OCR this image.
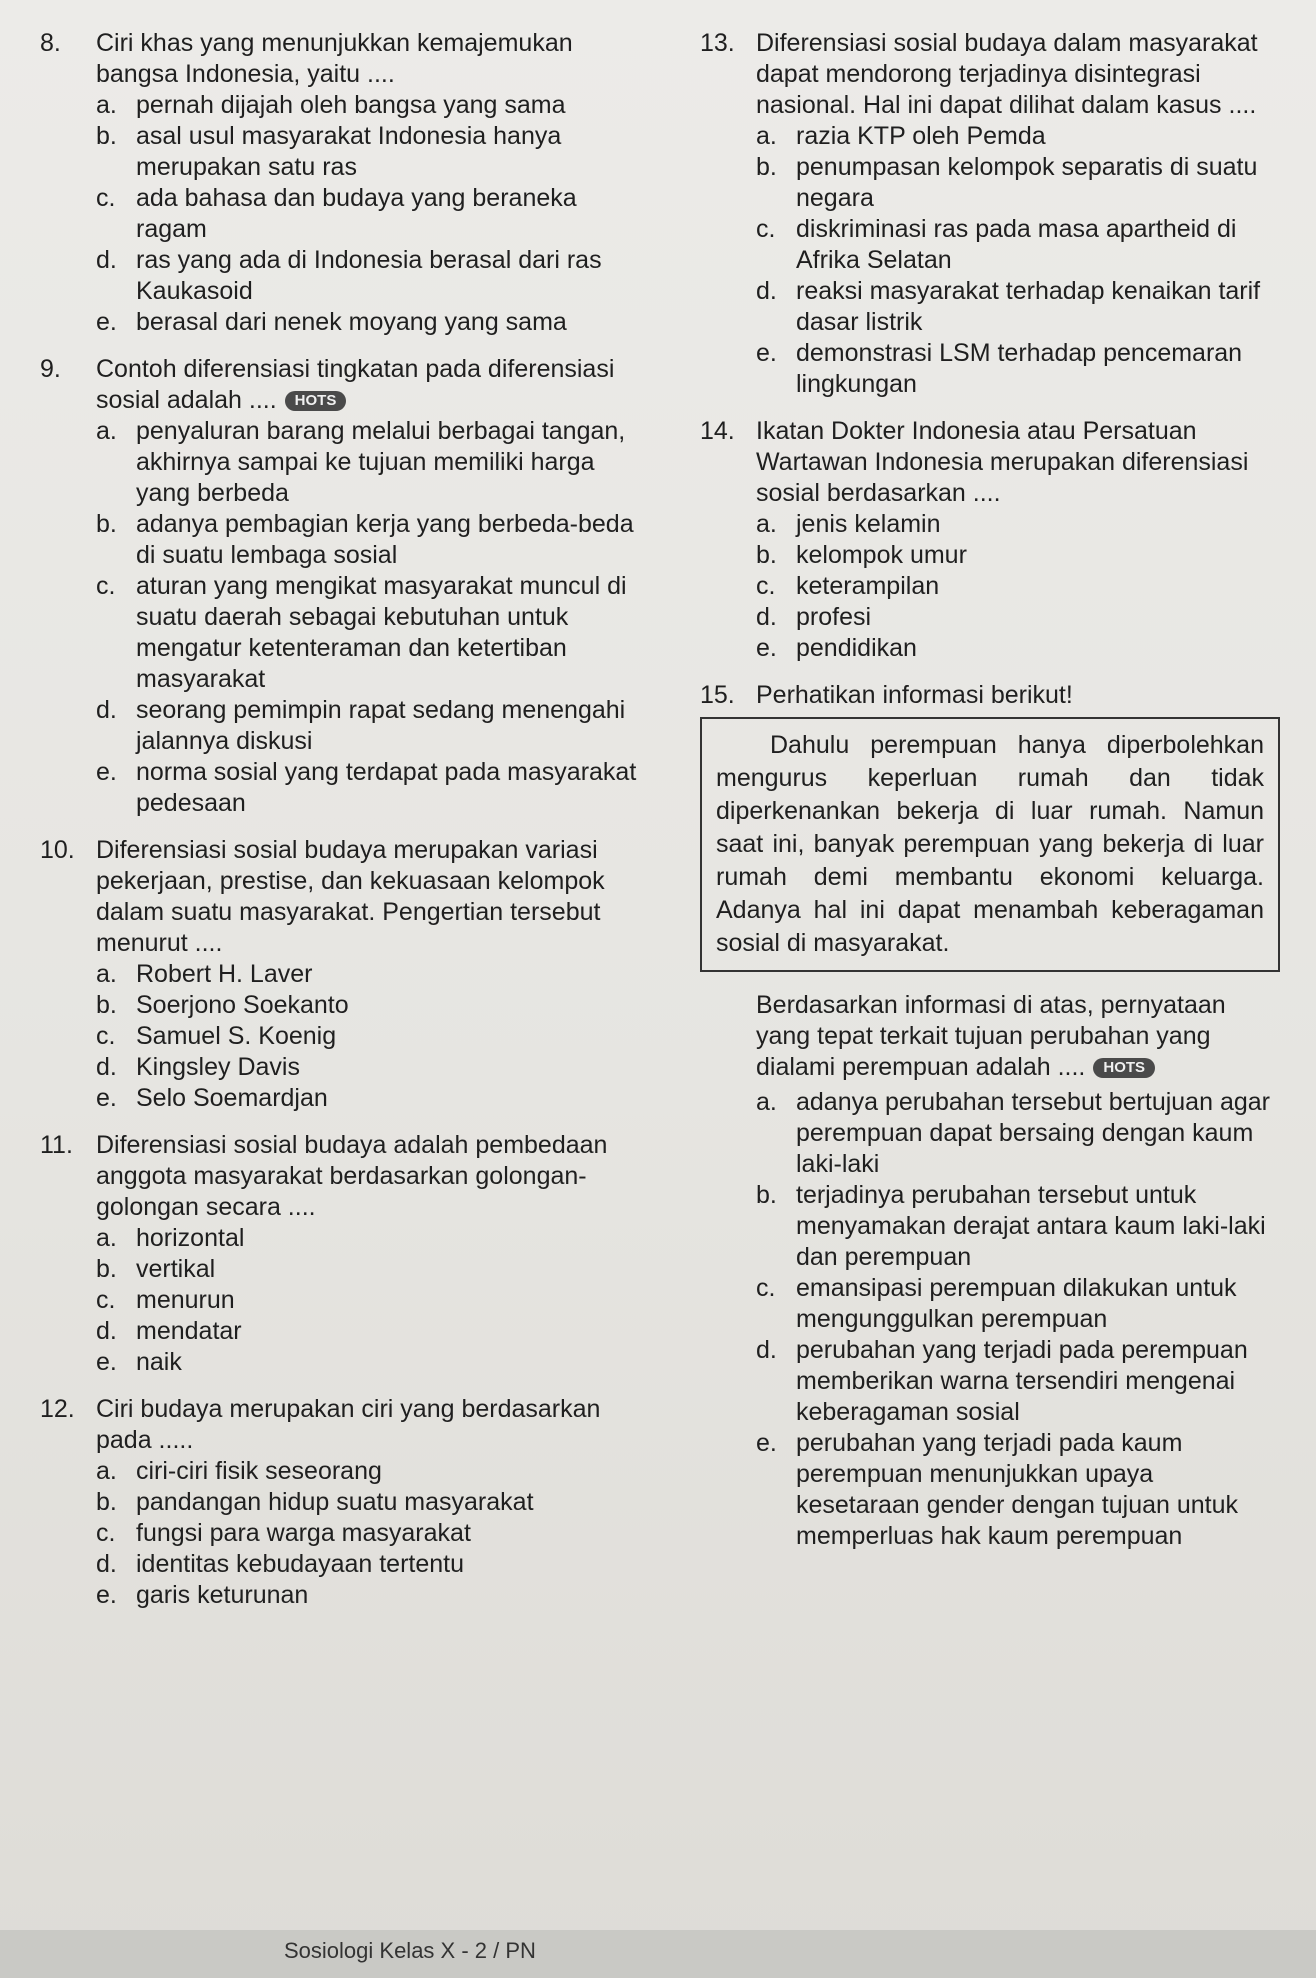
8.	Ciri khas yang menunjukkan kemajemukan bangsa Indonesia, yaitu ....
a. pernah dijajah oleh bangsa yang sama
b. asal usul masyarakat Indonesia hanya merupakan satu ras
c. ada bahasa dan budaya yang beraneka ragam
d. ras yang ada di Indonesia berasal dari ras Kaukasoid
e. berasal dari nenek moyang yang sama
9.	Contoh diferensiasi tingkatan pada diferensiasi sosial adalah .... HOTS
a. penyaluran barang melalui berbagai tangan, akhirnya sampai ke tujuan memiliki harga yang berbeda
b. adanya pembagian kerja yang berbeda-beda di suatu lembaga sosial
c. aturan yang mengikat masyarakat muncul di suatu daerah sebagai kebutuhan untuk mengatur ketenteraman dan ketertiban masyarakat
d. seorang pemimpin rapat sedang menengahi jalannya diskusi
e. norma sosial yang terdapat pada masyarakat pedesaan
10. Diferensiasi sosial budaya merupakan variasi pekerjaan, prestise, dan kekuasaan kelompok dalam suatu masyarakat. Pengertian tersebut menurut ....
a. Robert H. Laver
b. Soerjono Soekanto
c. Samuel S. Koenig
d. Kingsley Davis
e. Selo Soemardjan
11. Diferensiasi sosial budaya adalah pembedaan anggota masyarakat berdasarkan golongan-golongan secara ....
a. horizontal
b. vertikal
c. menurun
d. mendatar
e. naik
12. Ciri budaya merupakan ciri yang berdasarkan pada .....
a. ciri-ciri fisik seseorang
b. pandangan hidup suatu masyarakat
c. fungsi para warga masyarakat
d. identitas kebudayaan tertentu
e. garis keturunan
13. Diferensiasi sosial budaya dalam masyarakat dapat mendorong terjadinya disintegrasi nasional. Hal ini dapat dilihat dalam kasus ....
a. razia KTP oleh Pemda
b. penumpasan kelompok separatis di suatu negara
c. diskriminasi ras pada masa apartheid di Afrika Selatan
d. reaksi masyarakat terhadap kenaikan tarif dasar listrik
e. demonstrasi LSM terhadap pencemaran lingkungan
14. Ikatan Dokter Indonesia atau Persatuan Wartawan Indonesia merupakan diferensiasi sosial berdasarkan ....
a. jenis kelamin
b. kelompok umur
c. keterampilan
d. profesi
e. pendidikan
15. Perhatikan informasi berikut!
Dahulu perempuan hanya diperbolehkan mengurus keperluan rumah dan tidak diperkenankan bekerja di luar rumah. Namun saat ini, banyak perempuan yang bekerja di luar rumah demi membantu ekonomi keluarga. Adanya hal ini dapat menambah keberagaman sosial di masyarakat.
Berdasarkan informasi di atas, pernyataan yang tepat terkait tujuan perubahan yang dialami perempuan adalah .... HOTS
a. adanya perubahan tersebut bertujuan agar perempuan dapat bersaing dengan kaum laki-laki
b. terjadinya perubahan tersebut untuk menyamakan derajat antara kaum laki-laki dan perempuan
c. emansipasi perempuan dilakukan untuk mengunggulkan perempuan
d. perubahan yang terjadi pada perempuan memberikan warna tersendiri mengenai keberagaman sosial
e. perubahan yang terjadi pada kaum perempuan menunjukkan upaya kesetaraan gender dengan tujuan untuk memperluas hak kaum perempuan
Sosiologi Kelas X - 2 / PN
